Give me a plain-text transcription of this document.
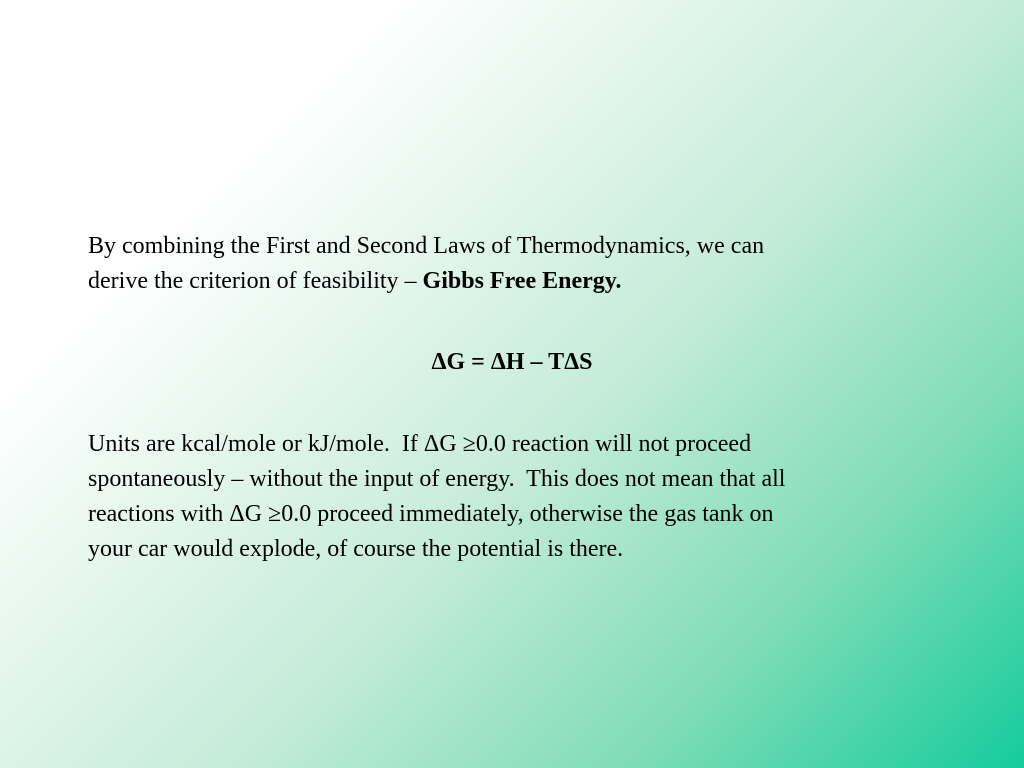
By combining the First and Second Laws of Thermodynamics, we can
derive the criterion of feasibility – Gibbs Free Energy.

ΔG = ΔH – TΔS

Units are kcal/mole or kJ/mole.  If ΔG ≥0.0 reaction will not proceed
spontaneously – without the input of energy.  This does not mean that all
reactions with ΔG ≥0.0 proceed immediately, otherwise the gas tank on
your car would explode, of course the potential is there.
